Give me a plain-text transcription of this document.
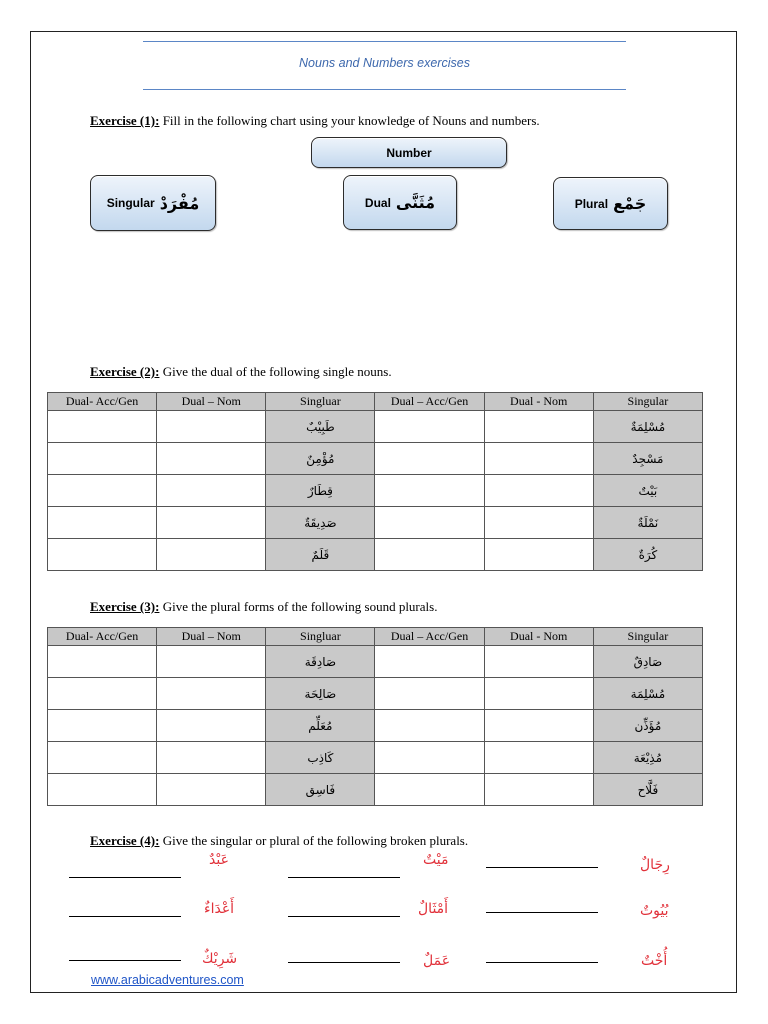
Nouns and Numbers exercises
Exercise (1): Fill in the following chart using your knowledge of Nouns and numbers.
Number
Singular مُفْرَدْ	Dual مُثَنَّى	Plural جَمْع
Exercise (2): Give the dual of the following single nouns.
Dual- Acc/Gen	Dual – Nom	Singluar	Dual – Acc/Gen	Dual - Nom	Singular
		طَبِيْبٌ			مُسْلِمَةٌ
		مُؤْمِنٌ			مَسْجِدٌ
		قِطَارٌ			بَيْتٌ
		صَدِيقَةٌ			نَمْلَةٌ
		قَلَمٌ			كُرَةٌ
Exercise (3): Give the plural forms of the following sound plurals.
Dual- Acc/Gen	Dual – Nom	Singluar	Dual – Acc/Gen	Dual - Nom	Singular
		صَادِقَة			صَادِقٌ
		صَالِحَة			مُسْلِمَة
		مُعَلِّم			مُؤَذِّن
		كَاذِب			مُذِيْعَة
		فَاسِق			فَلَّاح
Exercise (4): Give the singular or plural of the following broken plurals.
عَبْدٌ	مَيْتٌ	رِجَالٌ
أَعْدَاءٌ	أَمْثَالٌ	بُيُوتٌ
شَرِيْكٌ	عَمَلٌ	أُخْتٌ
www.arabicadventures.com
